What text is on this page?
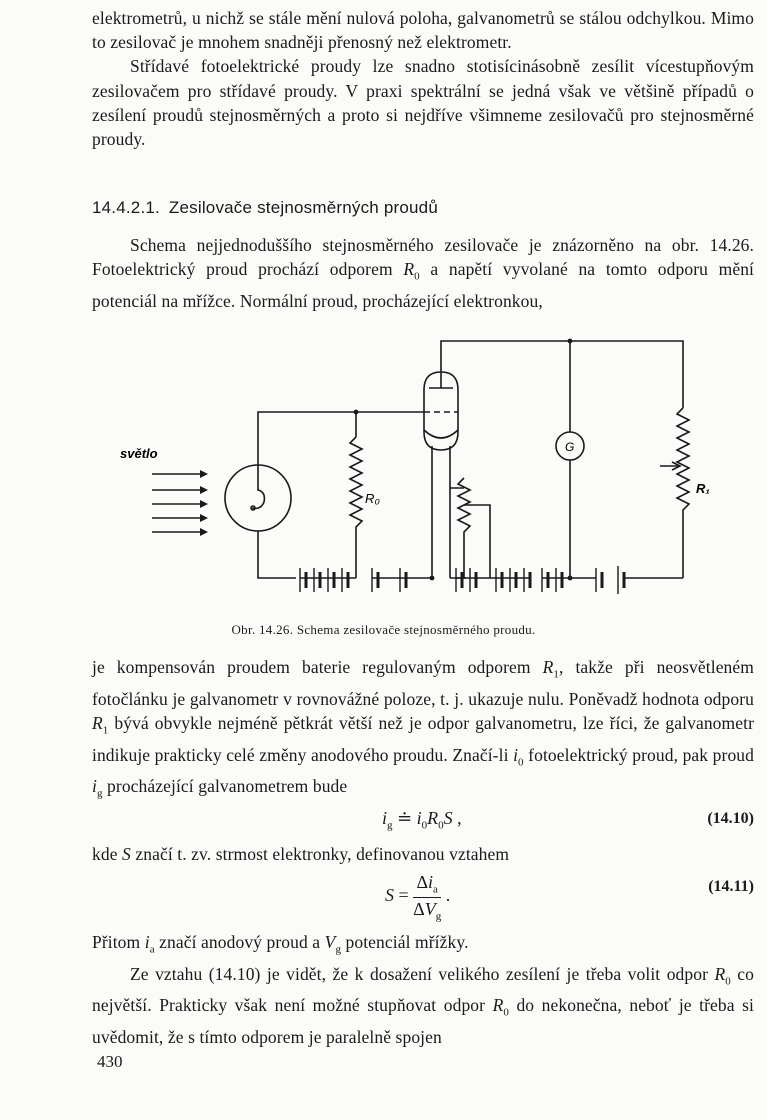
elektrometrů, u nichž se stále mění nulová poloha, galvanometrů se stálou odchylkou. Mimo to zesilovač je mnohem snadněji přenosný než elektrometr.

Střídavé fotoelektrické proudy lze snadno stotisícinásobně zesílit vícestupňovým zesilovačem pro střídavé proudy. V praxi spektrální se jedná však ve většině případů o zesílení proudů stejnosměrných a proto si nejdříve všimneme zesilovačů pro stejnosměrné proudy.

14.4.2.1. Zesilovače stejnosměrných proudů

Schema nejjednoduššího stejnosměrného zesilovače je znázorněno na obr. 14.26. Fotoelektrický proud prochází odporem $R_0$ a napětí vyvolané na tomto odporu mění potenciál na mřížce. Normální proud, procházející elektronkou,

světlo
R₀
R₁
G
Obr. 14.26. Schema zesilovače stejnosměrného proudu.

je kompensován proudem baterie regulovaným odporem $R_1$, takže při neosvětleném fotočlánku je galvanometr v rovnovážné poloze, t. j. ukazuje nulu. Poněvadž hodnota odporu $R_1$ bývá obvykle nejméně pětkrát větší než je odpor galvanometru, lze říci, že galvanometr indikuje prakticky celé změny anodového proudu. Značí-li $i_0$ fotoelektrický proud, pak proud $i_g$ procházející galvanometrem bude

$i_g$ ≐ $i_0R_0S$ ,	(14.10)

kde S značí t. zv. strmost elektronky, definovanou vztahem

$S = \frac{\Delta i_a}{\Delta V_g}$ .	(14.11)

Přitom $i_a$ značí anodový proud a $V_g$ potenciál mřížky.

Ze vztahu (14.10) je vidět, že k dosažení velikého zesílení je třeba volit odpor $R_0$ co největší. Prakticky však není možné stupňovat odpor $R_0$ do nekonečna, neboť je třeba si uvědomit, že s tímto odporem je paralelně spojen

430
